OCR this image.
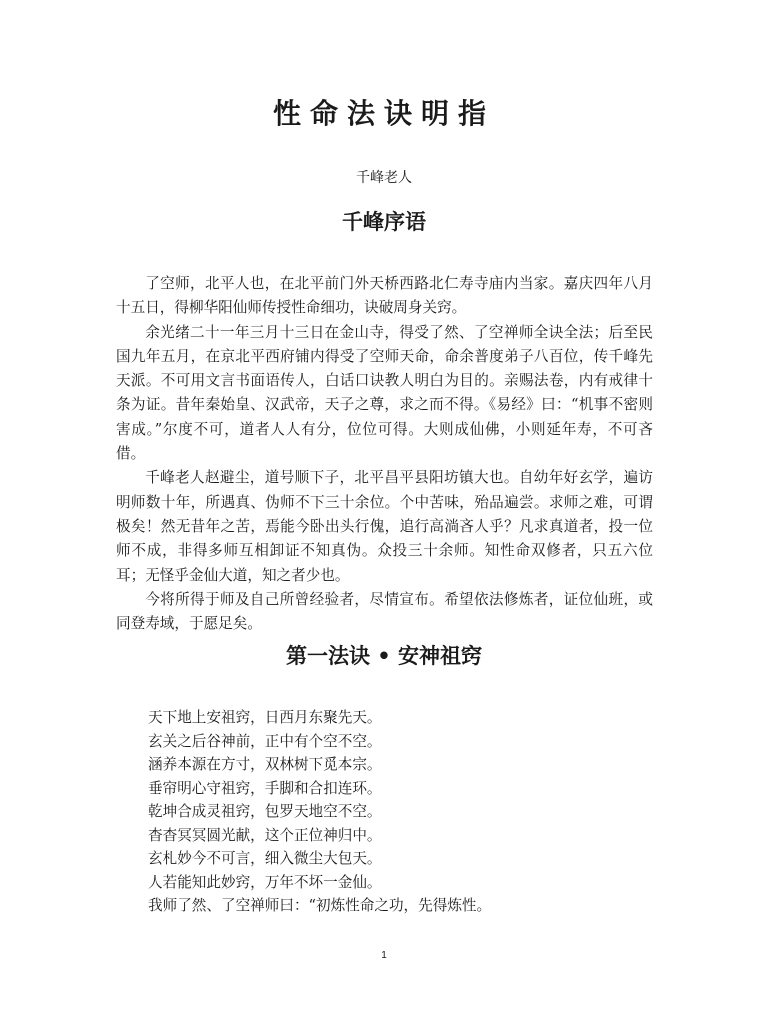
性命法诀明指
千峰老人
千峰序语

了空师，北平人也，在北平前门外天桥西路北仁寿寺庙内当家。嘉庆四年八月十五日，得柳华阳仙师传授性命细功，诀破周身关窍。

余光绪二十一年三月十三日在金山寺，得受了然、了空禅师全诀全法；后至民国九年五月，在京北平西府铺内得受了空师天命，命余普度弟子八百位，传千峰先天派。不可用文言书面语传人，白话口诀教人明白为目的。亲赐法卷，内有戒律十条为证。昔年秦始皇、汉武帝，天子之尊，求之而不得。《易经》曰：“机事不密则害成。”尔度不可，道者人人有分，位位可得。大则成仙佛，小则延年寿，不可吝借。

千峰老人赵避尘，道号顺下子，北平昌平县阳坊镇大也。自幼年好玄学，遍访明师数十年，所遇真、伪师不下三十余位。个中苦味，殆品遍尝。求师之难，可谓极矣！然无昔年之苦，焉能今卧出头行傀，追行高淌吝人乎？凡求真道者，投一位师不成，非得多师互相卸证不知真伪。众投三十余师。知性命双修者，只五六位耳；无怪乎金仙大道，知之者少也。

今将所得于师及自己所曾经验者，尽情宣布。希望依法修炼者，证位仙班，或同登寿域，于愿足矣。

第一法诀 • 安神祖窍
天下地上安祖窍，日西月东聚先天。
玄关之后谷神前，正中有个空不空。
涵养本源在方寸，双林树下觅本宗。
垂帘明心守祖窍，手脚和合扣连环。
乾坤合成灵祖窍，包罗天地空不空。
杳杳冥冥圆光献，这个正位神归中。
玄札妙今不可言，细入微尘大包天。
人若能知此妙窍，万年不坏一金仙。
我师了然、了空禅师曰：“初炼性命之功，先得炼性。
1
